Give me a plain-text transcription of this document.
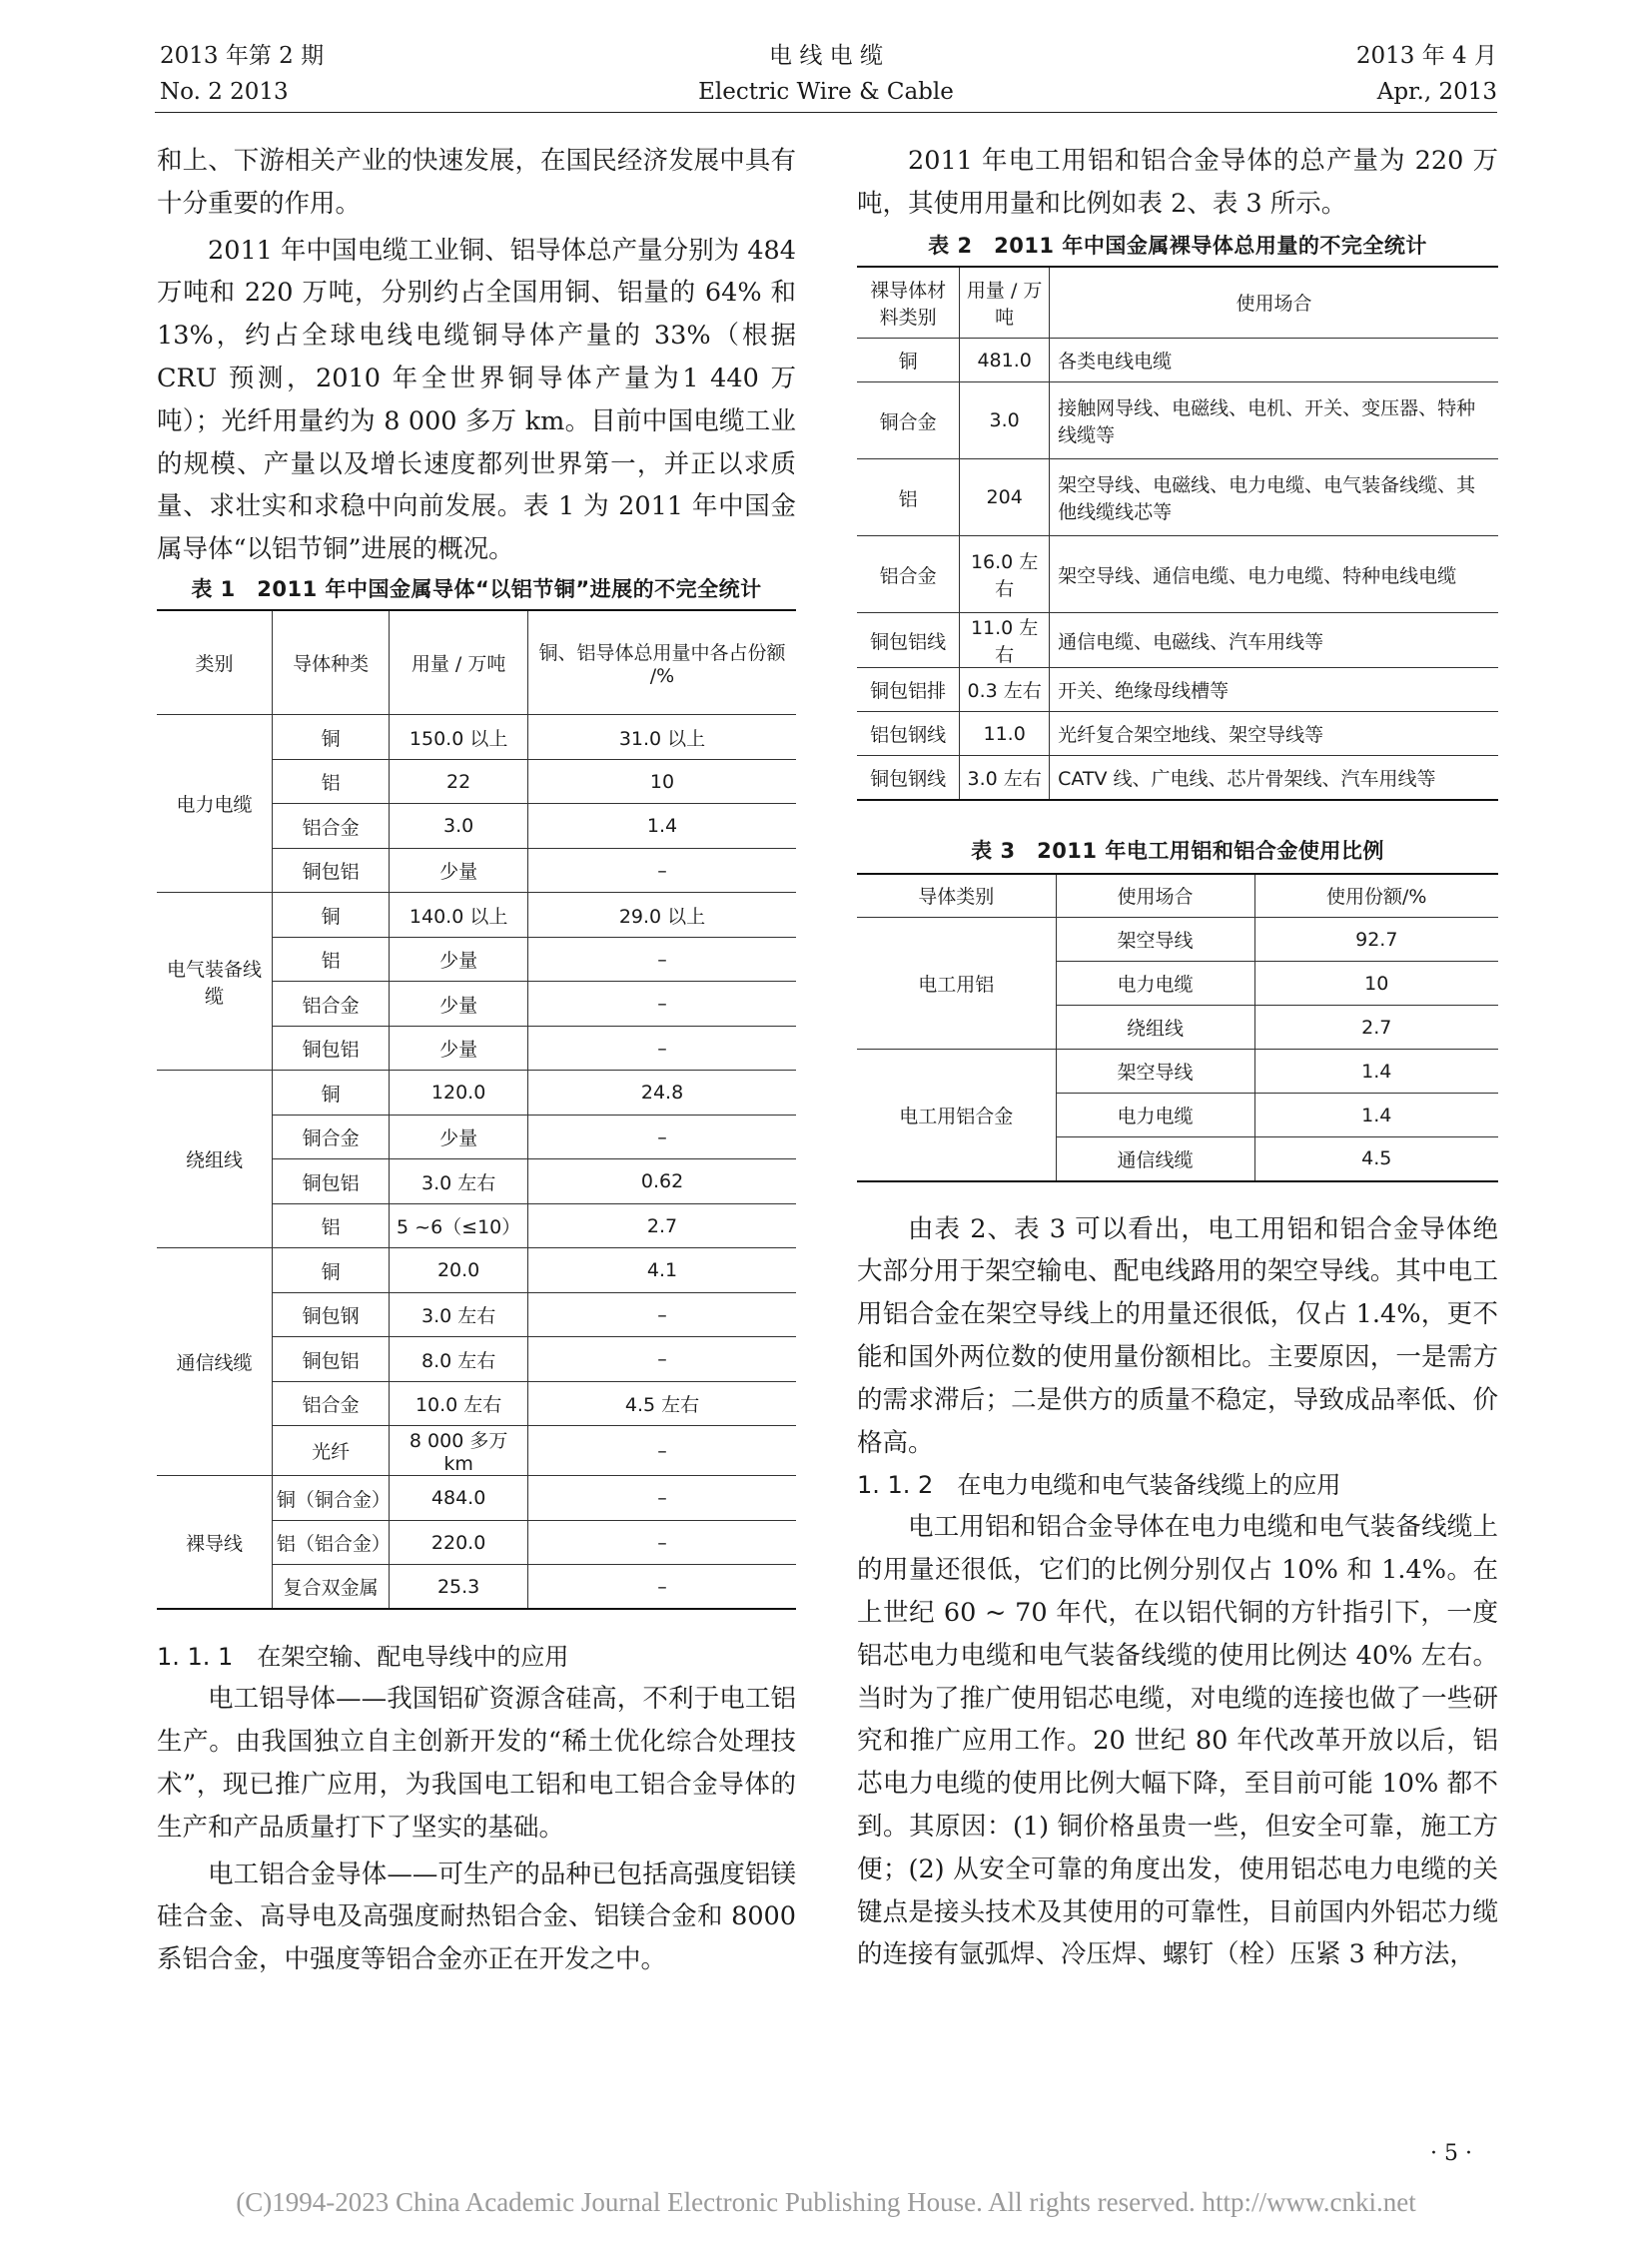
2013 年第 2 期
No. 2 2013
电 线 电 缆
Electric Wire & Cable
2013 年 4 月
Apr., 2013

和上、下游相关产业的快速发展，在国民经济发展中具有十分重要的作用。

2011 年中国电缆工业铜、铝导体总产量分别为 484 万吨和 220 万吨，分别约占全国用铜、铝量的 64% 和 13%，约占全球电线电缆铜导体产量的 33%（根据 CRU 预测，2010 年全世界铜导体产量为1 440 万吨）；光纤用量约为 8 000 多万 km。目前中国电缆工业的规模、产量以及增长速度都列世界第一，并正以求质量、求壮实和求稳中向前发展。表 1 为 2011 年中国金属导体“以铝节铜”进展的概况。

表 1　2011 年中国金属导体“以铝节铜”进展的不完全统计
类别	导体种类	用量 / 万吨	铜、铝导体总用量中各占份额 /%
电力电缆	铜	150.0 以上	31.0 以上
	铝	22	10
	铝合金	3.0	1.4
	铜包铝	少量	–
电气装备线缆	铜	140.0 以上	29.0 以上
	铝	少量	–
	铝合金	少量	–
	铜包铝	少量	–
绕组线	铜	120.0	24.8
	铜合金	少量	–
	铜包铝	3.0 左右	0.62
	铝	5 ~6（≤10）	2.7
通信线缆	铜	20.0	4.1
	铜包钢	3.0 左右	–
	铜包铝	8.0 左右	–
	铝合金	10.0 左右	4.5 左右
	光纤	8 000 多万 km	–
裸导线	铜（铜合金）	484.0	–
	铝（铝合金）	220.0	–
	复合双金属	25.3	–

1. 1. 1　在架空输、配电导线中的应用

电工铝导体——我国铝矿资源含硅高，不利于电工铝生产。由我国独立自主创新开发的“稀土优化综合处理技术”，现已推广应用，为我国电工铝和电工铝合金导体的生产和产品质量打下了坚实的基础。

电工铝合金导体——可生产的品种已包括高强度铝镁硅合金、高导电及高强度耐热铝合金、铝镁合金和 8000 系铝合金，中强度等铝合金亦正在开发之中。

2011 年电工用铝和铝合金导体的总产量为 220 万吨，其使用用量和比例如表 2、表 3 所示。

表 2　2011 年中国金属裸导体总用量的不完全统计
裸导体材料类别	用量 / 万吨	使用场合
铜	481.0	各类电线电缆
铜合金	3.0	接触网导线、电磁线、电机、开关、变压器、特种线缆等
铝	204	架空导线、电磁线、电力电缆、电气装备线缆、其他线缆线芯等
铝合金	16.0 左右	架空导线、通信电缆、电力电缆、特种电线电缆
铜包铝线	11.0 左右	通信电缆、电磁线、汽车用线等
铜包铝排	0.3 左右	开关、绝缘母线槽等
铝包钢线	11.0	光纤复合架空地线、架空导线等
铜包钢线	3.0 左右	CATV 线、广电线、芯片骨架线、汽车用线等
表 3　2011 年电工用铝和铝合金使用比例
导体类别	使用场合	使用份额/%
电工用铝	架空导线	92.7
	电力电缆	10
	绕组线	2.7
电工用铝合金	架空导线	1.4
	电力电缆	1.4
	通信线缆	4.5

由表 2、表 3 可以看出，电工用铝和铝合金导体绝大部分用于架空输电、配电线路用的架空导线。其中电工用铝合金在架空导线上的用量还很低，仅占 1.4%，更不能和国外两位数的使用量份额相比。主要原因，一是需方的需求滞后；二是供方的质量不稳定，导致成品率低、价格高。

1. 1. 2　在电力电缆和电气装备线缆上的应用

电工用铝和铝合金导体在电力电缆和电气装备线缆上的用量还很低，它们的比例分别仅占 10% 和 1.4%。在上世纪 60 ~ 70 年代，在以铝代铜的方针指引下，一度铝芯电力电缆和电气装备线缆的使用比例达 40% 左右。当时为了推广使用铝芯电缆，对电缆的连接也做了一些研究和推广应用工作。20 世纪 80 年代改革开放以后，铝芯电力电缆的使用比例大幅下降，至目前可能 10% 都不到。其原因：(1) 铜价格虽贵一些，但安全可靠，施工方便；(2) 从安全可靠的角度出发，使用铝芯电力电缆的关键点是接头技术及其使用的可靠性，目前国内外铝芯力缆的连接有氩弧焊、冷压焊、螺钉（栓）压紧 3 种方法，

· 5 ·
(C)1994-2023 China Academic Journal Electronic Publishing House. All rights reserved. http://www.cnki.net
